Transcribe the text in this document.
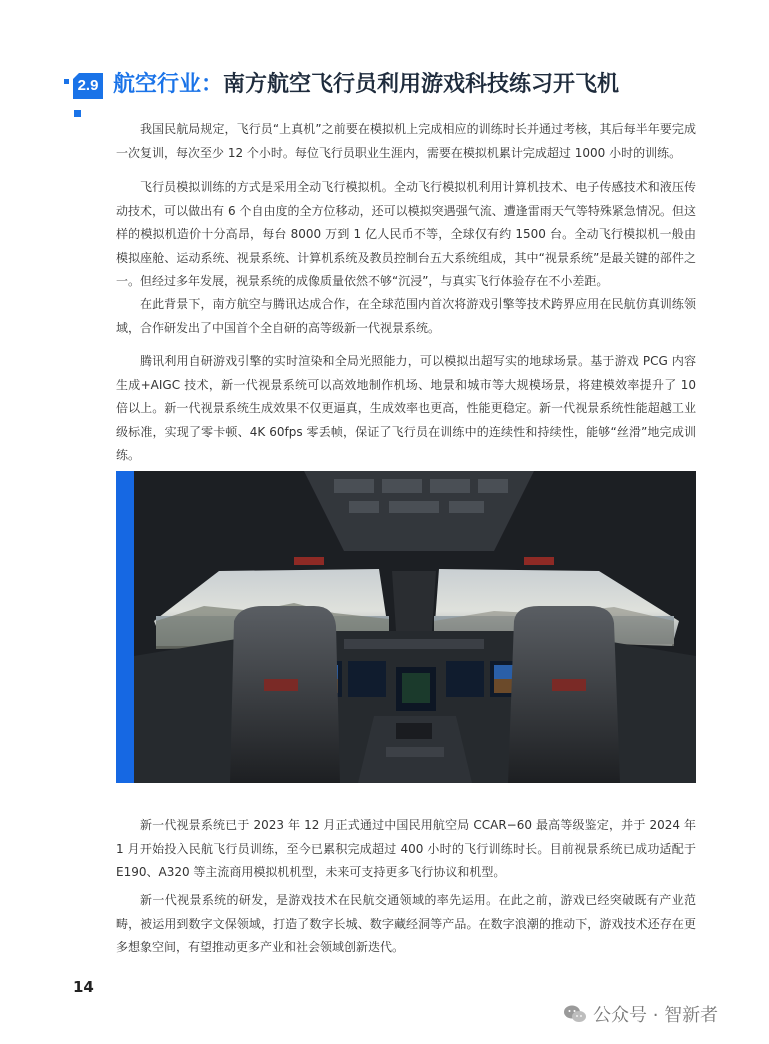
2.9 航空行业：南方航空飞行员利用游戏科技练习开飞机

我国民航局规定，飞行员“上真机”之前要在模拟机上完成相应的训练时长并通过考核，其后每半年要完成一次复训，每次至少 12 个小时。每位飞行员职业生涯内，需要在模拟机累计完成超过 1000 小时的训练。

飞行员模拟训练的方式是采用全动飞行模拟机。全动飞行模拟机利用计算机技术、电子传感技术和液压传动技术，可以做出有 6 个自由度的全方位移动，还可以模拟突遇强气流、遭逢雷雨天气等特殊紧急情况。但这样的模拟机造价十分高昂，每台 8000 万到 1 亿人民币不等，全球仅有约 1500 台。全动飞行模拟机一般由模拟座舱、运动系统、视景系统、计算机系统及教员控制台五大系统组成，其中“视景系统”是最关键的部件之一。但经过多年发展，视景系统的成像质量依然不够“沉浸”，与真实飞行体验存在不小差距。

在此背景下，南方航空与腾讯达成合作，在全球范围内首次将游戏引擎等技术跨界应用在民航仿真训练领域，合作研发出了中国首个全自研的高等级新一代视景系统。

腾讯利用自研游戏引擎的实时渲染和全局光照能力，可以模拟出超写实的地球场景。基于游戏 PCG 内容生成+AIGC 技术，新一代视景系统可以高效地制作机场、地景和城市等大规模场景，将建模效率提升了 10 倍以上。新一代视景系统生成效果不仅更逼真，生成效率也更高，性能更稳定。新一代视景系统性能超越工业级标准，实现了零卡顿、4K 60fps 零丢帧，保证了飞行员在训练中的连续性和持续性，能够“丝滑”地完成训练。

新一代视景系统已于 2023 年 12 月正式通过中国民用航空局 CCAR−60 最高等级鉴定，并于 2024 年 1 月开始投入民航飞行员训练，至今已累积完成超过 400 小时的飞行训练时长。目前视景系统已成功适配于 E190、A320 等主流商用模拟机机型，未来可支持更多飞行协议和机型。

新一代视景系统的研发，是游戏技术在民航交通领域的率先运用。在此之前，游戏已经突破既有产业范畴，被运用到数字文保领域，打造了数字长城、数字藏经洞等产品。在数字浪潮的推动下，游戏技术还存在更多想象空间，有望推动更多产业和社会领域创新迭代。

14
公众号 · 智新者
